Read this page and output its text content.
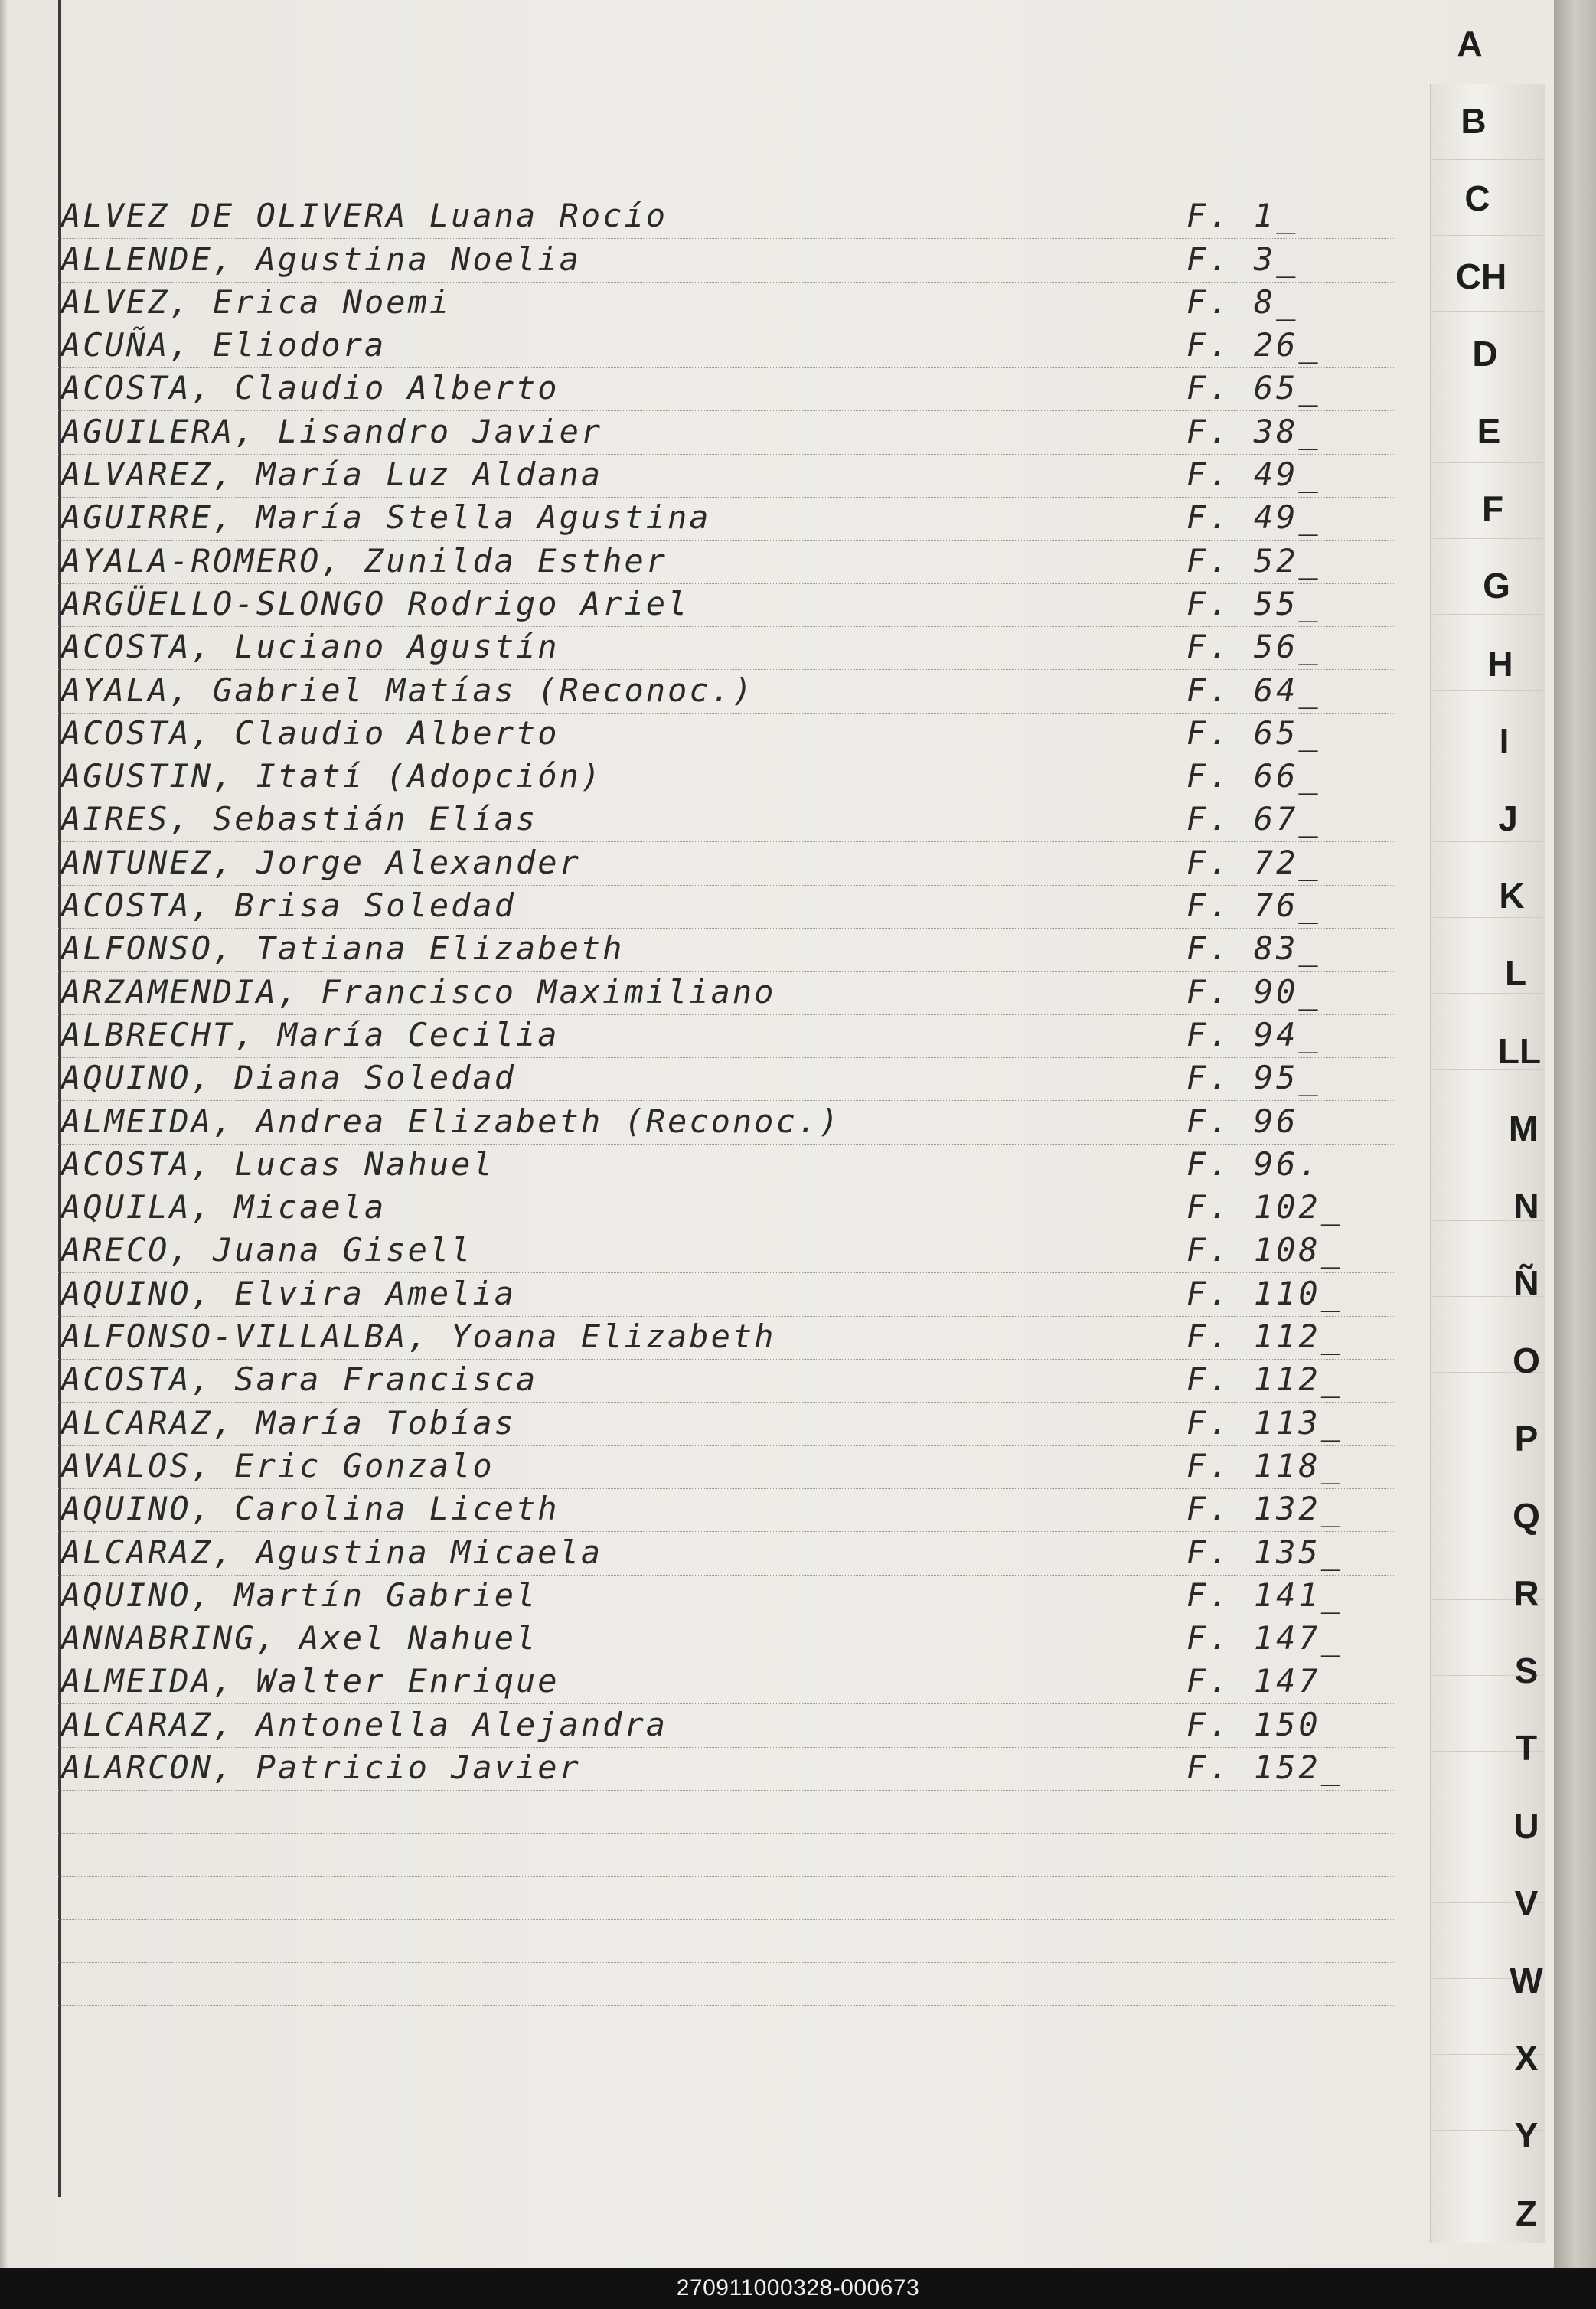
ALVEZ DE OLIVERA Luana Rocío	F. 1_
ALLENDE, Agustina Noelia	F. 3_
ALVEZ, Erica Noemi	F. 8_
ACUÑA, Eliodora	F. 26_
ACOSTA, Claudio Alberto	F. 65_
AGUILERA, Lisandro Javier	F. 38_
ALVAREZ, María Luz Aldana	F. 49_
AGUIRRE, María Stella Agustina	F. 49_
AYALA-ROMERO, Zunilda Esther	F. 52_
ARGÜELLO-SLONGO Rodrigo Ariel	F. 55_
ACOSTA, Luciano Agustín	F. 56_
AYALA, Gabriel Matías (Reconoc.)	F. 64_
ACOSTA, Claudio Alberto	F. 65_
AGUSTIN, Itatí (Adopción)	F. 66_
AIRES, Sebastián Elías	F. 67_
ANTUNEZ, Jorge Alexander	F. 72_
ACOSTA, Brisa Soledad	F. 76_
ALFONSO, Tatiana Elizabeth	F. 83_
ARZAMENDIA, Francisco Maximiliano	F. 90_
ALBRECHT, María Cecilia	F. 94_
AQUINO, Diana Soledad	F. 95_
ALMEIDA, Andrea Elizabeth (Reconoc.)	F. 96
ACOSTA, Lucas Nahuel	F. 96.
AQUILA, Micaela	F. 102_
ARECO, Juana Gisell	F. 108_
AQUINO, Elvira Amelia	F. 110_
ALFONSO-VILLALBA, Yoana Elizabeth	F. 112_
ACOSTA, Sara Francisca	F. 112_
ALCARAZ, María Tobías	F. 113_
AVALOS, Eric Gonzalo	F. 118_
AQUINO, Carolina Liceth	F. 132_
ALCARAZ, Agustina Micaela	F. 135_
AQUINO, Martín Gabriel	F. 141_
ANNABRING, Axel Nahuel	F. 147_
ALMEIDA, Walter Enrique	F. 147
ALCARAZ, Antonella Alejandra	F. 150
ALARCON, Patricio Javier	F. 152_
A
B
C
CH
D
E
F
G
H
I
J
K
L
LL
M
N
Ñ
O
P
Q
R
S
T
U
V
W
X
Y
Z
270911000328-000673
